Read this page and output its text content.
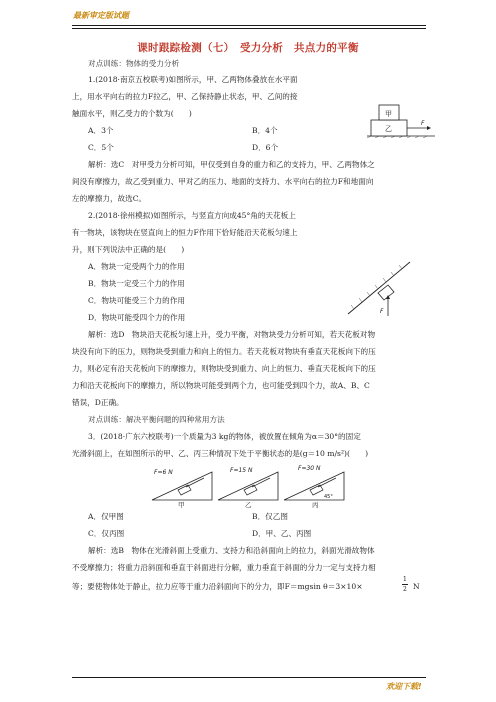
最新审定版试题
课时跟踪检测（七）　受力分析　共点力的平衡
对点训练：物体的受力分析
1.(2018·南京五校联考)如图所示，甲、乙两物体叠放在水平面
上，用水平向右的拉力F拉乙，甲、乙保持静止状态，甲、乙间的接
触面水平，则乙受力的个数为(　　)	甲
乙
F
A．3个	B．4个
C．5个	D．6个
解析：选C　对甲受力分析可知，甲仅受到自身的重力和乙的支持力，甲、乙两物体之
间没有摩擦力，故乙受到重力、甲对乙的压力、地面的支持力、水平向右的拉力F和地面向
左的摩擦力，故选C。
2.(2018·徐州模拟)如图所示，与竖直方向成45°角的天花板上
有一物块，该物块在竖直向上的恒力F作用下恰好能沿天花板匀速上
升，则下列说法中正确的是(　　)
F
A．物块一定受两个力的作用
B．物块一定受三个力的作用
C．物块可能受三个力的作用
D．物块可能受四个力的作用
解析：选D　物块沿天花板匀速上升，受力平衡，对物块受力分析可知，若天花板对物
块没有向下的压力，则物块受到重力和向上的恒力。若天花板对物块有垂直天花板向下的压
力，则必定有沿天花板向下的摩擦力，则物块受到重力、向上的恒力、垂直天花板向下的压
力和沿天花板向下的摩擦力，所以物块可能受到两个力，也可能受到四个力，故A、B、C
错误，D正确。
对点训练：解决平衡问题的四种常用方法
3．(2018·广东六校联考)一个质量为3 kg的物体，被放置在倾角为α＝30°的固定
光滑斜面上，在如图所示的甲、乙、丙三种情况下处于平衡状态的是(g＝10 m/s²)(　　)
F=6 N
甲
F=15 N
乙
F=30 N
丙
45°
A．仅甲图	B．仅乙图
C．仅丙图	D．甲、乙、丙图
解析：选B　物体在光滑斜面上受重力、支持力和沿斜面向上的拉力，斜面光滑故物体
不受摩擦力；将重力沿斜面和垂直于斜面进行分解，重力垂直于斜面的分力一定与支持力相
等；要使物体处于静止，拉力应等于重力沿斜面向下的分力，即F＝mgsin θ＝3×10×
1
2 N
欢迎下载!
